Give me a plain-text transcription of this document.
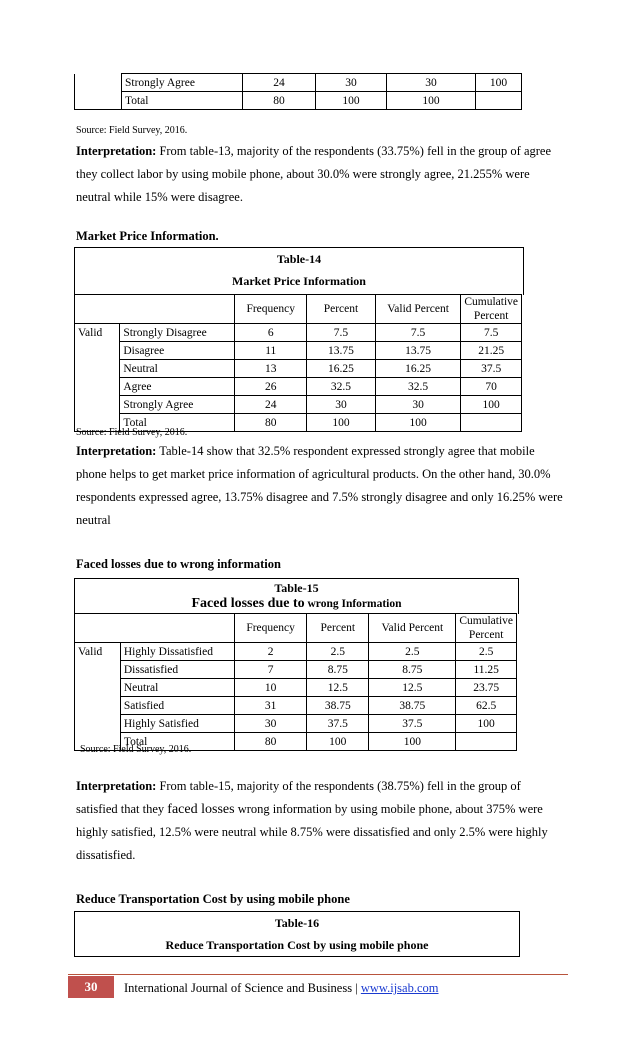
	Strongly Agree	24	30	30	100
	Total	80	100	100	
Source: Field Survey, 2016.
Interpretation: From table-13, majority of the respondents (33.75%) fell in the group of agree
they collect labor by using mobile phone, about 30.0% were strongly agree, 21.255% were
neutral while 15% were disagree.
Market Price Information.
Table-14
Market Price Information
		Frequency	Percent	Valid Percent	Cumulative Percent
Valid	Strongly Disagree	6	7.5	7.5	7.5
	Disagree	11	13.75	13.75	21.25
	Neutral	13	16.25	16.25	37.5
	Agree	26	32.5	32.5	70
	Strongly Agree	24	30	30	100
	Total	80	100	100	
Source: Field Survey, 2016.
Interpretation: Table-14 show that 32.5% respondent expressed strongly agree that mobile
phone helps to get market price information of agricultural products. On the other hand, 30.0%
respondents expressed agree, 13.75% disagree and 7.5% strongly disagree and only 16.25% were
neutral
Faced losses due to wrong information
Table-15
Faced losses due to wrong Information
		Frequency	Percent	Valid Percent	Cumulative Percent
Valid	Highly Dissatisfied	2	2.5	2.5	2.5
	Dissatisfied	7	8.75	8.75	11.25
	Neutral	10	12.5	12.5	23.75
	Satisfied	31	38.75	38.75	62.5
	Highly Satisfied	30	37.5	37.5	100
	Total	80	100	100	
Source: Field Survey, 2016.
Interpretation: From table-15, majority of the respondents (38.75%) fell in the group of
satisfied that they faced losses wrong information by using mobile phone, about 375% were
highly satisfied, 12.5% were neutral while 8.75% were dissatisfied and only 2.5% were highly
dissatisfied.
Reduce Transportation Cost by using mobile phone
Table-16
Reduce Transportation Cost by using mobile phone
30	International Journal of Science and Business | www.ijsab.com
